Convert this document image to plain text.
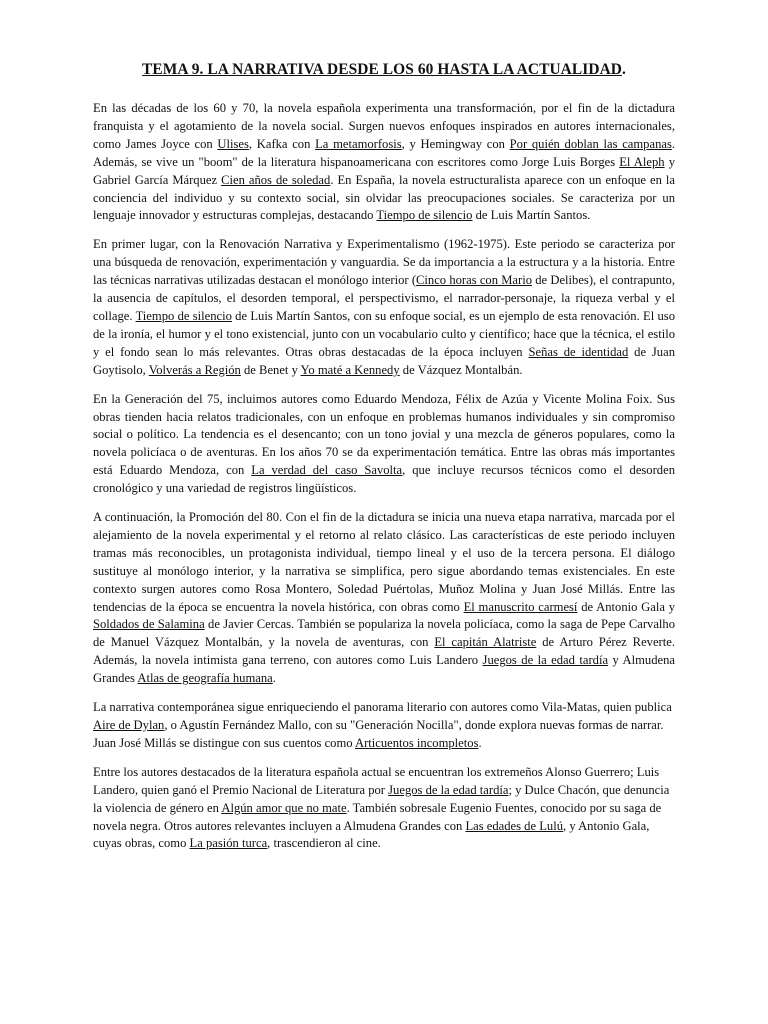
TEMA 9. LA NARRATIVA DESDE LOS 60 HASTA LA ACTUALIDAD.

En las décadas de los 60 y 70, la novela española experimenta una transformación, por el fin de la dictadura franquista y el agotamiento de la novela social. Surgen nuevos enfoques inspirados en autores internacionales, como James Joyce con Ulises, Kafka con La metamorfosis, y Hemingway con Por quién doblan las campanas. Además, se vive un "boom" de la literatura hispanoamericana con escritores como Jorge Luis Borges El Aleph y Gabriel García Márquez Cien años de soledad. En España, la novela estructuralista aparece con un enfoque en la conciencia del individuo y su contexto social, sin olvidar las preocupaciones sociales. Se caracteriza por un lenguaje innovador y estructuras complejas, destacando Tiempo de silencio de Luis Martín Santos.

En primer lugar, con la Renovación Narrativa y Experimentalismo (1962-1975). Este periodo se caracteriza por una búsqueda de renovación, experimentación y vanguardia. Se da importancia a la estructura y a la historia. Entre las técnicas narrativas utilizadas destacan el monólogo interior (Cinco horas con Mario de Delibes), el contrapunto, la ausencia de capítulos, el desorden temporal, el perspectivismo, el narrador-personaje, la riqueza verbal y el collage. Tiempo de silencio de Luis Martín Santos, con su enfoque social, es un ejemplo de esta renovación. El uso de la ironía, el humor y el tono existencial, junto con un vocabulario culto y científico; hace que la técnica, el estilo y el fondo sean lo más relevantes. Otras obras destacadas de la época incluyen Señas de identidad de Juan Goytisolo, Volverás a Región de Benet y Yo maté a Kennedy de Vázquez Montalbán.

En la Generación del 75, incluimos autores como Eduardo Mendoza, Félix de Azúa y Vicente Molina Foix. Sus obras tienden hacia relatos tradicionales, con un enfoque en problemas humanos individuales y sin compromiso social o político. La tendencia es el desencanto; con un tono jovial y una mezcla de géneros populares, como la novela policíaca o de aventuras. En los años 70 se da experimentación temática. Entre las obras más importantes está Eduardo Mendoza, con La verdad del caso Savolta, que incluye recursos técnicos como el desorden cronológico y una variedad de registros lingüísticos.

A continuación, la Promoción del 80. Con el fin de la dictadura se inicia una nueva etapa narrativa, marcada por el alejamiento de la novela experimental y el retorno al relato clásico. Las características de este periodo incluyen tramas más reconocibles, un protagonista individual, tiempo lineal y el uso de la tercera persona. El diálogo sustituye al monólogo interior, y la narrativa se simplifica, pero sigue abordando temas existenciales. En este contexto surgen autores como Rosa Montero, Soledad Puértolas, Muñoz Molina y Juan José Millás. Entre las tendencias de la época se encuentra la novela histórica, con obras como El manuscrito carmesí de Antonio Gala y Soldados de Salamina de Javier Cercas. También se populariza la novela policíaca, como la saga de Pepe Carvalho de Manuel Vázquez Montalbán, y la novela de aventuras, con El capitán Alatriste de Arturo Pérez Reverte. Además, la novela intimista gana terreno, con autores como Luis Landero Juegos de la edad tardía y Almudena Grandes Atlas de geografía humana.

La narrativa contemporánea sigue enriqueciendo el panorama literario con autores como Vila-Matas, quien publica Aire de Dylan, o Agustín Fernández Mallo, con su "Generación Nocilla", donde explora nuevas formas de narrar. Juan José Millás se distingue con sus cuentos como Articuentos incompletos.

Entre los autores destacados de la literatura española actual se encuentran los extremeños Alonso Guerrero; Luis Landero, quien ganó el Premio Nacional de Literatura por Juegos de la edad tardía; y Dulce Chacón, que denuncia la violencia de género en Algún amor que no mate. También sobresale Eugenio Fuentes, conocido por su saga de novela negra. Otros autores relevantes incluyen a Almudena Grandes con Las edades de Lulú, y Antonio Gala, cuyas obras, como La pasión turca, trascendieron al cine.
